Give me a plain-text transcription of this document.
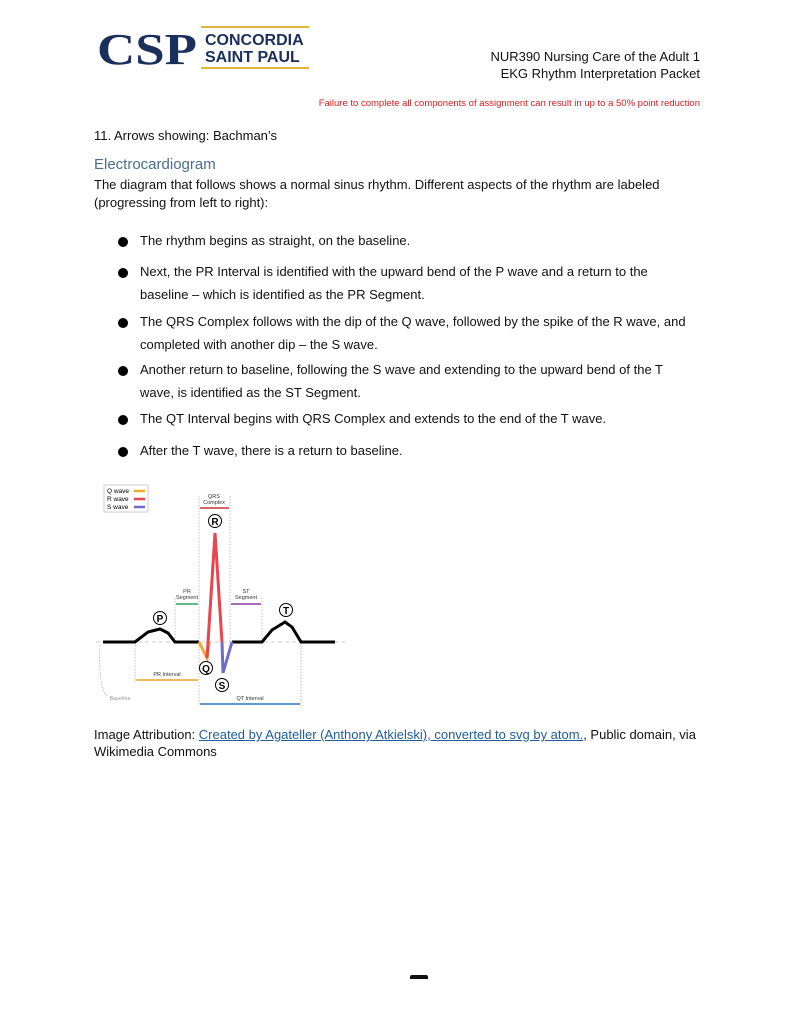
CSP CONCORDIA
SAINT PAUL	NUR390 Nursing Care of the Adult 1
EKG Rhythm Interpretation Packet
Failure to complete all components of assignment can result in up to a 50% point reduction
11. Arrows showing: Bachman’s
Electrocardiogram
The diagram that follows shows a normal sinus rhythm. Different aspects of the rhythm are labeled
(progressing from left to right):
The rhythm begins as straight, on the baseline.
Next, the PR Interval is identified with the upward bend of the P wave and a return to the
baseline – which is identified as the PR Segment.
The QRS Complex follows with the dip of the Q wave, followed by the spike of the R wave, and
completed with another dip – the S wave.
Another return to baseline, following the S wave and extending to the upward bend of the T
wave, is identified as the ST Segment.
The QT Interval begins with QRS Complex and extends to the end of the T wave.
After the T wave, there is a return to baseline.
Q wave
R wave
S wave
QRS
Complex
PR
Segment
ST
Segment
PR Interval
QT Interval
Baseline
R
P
T
Q
S
Image Attribution: Created by Agateller (Anthony Atkielski), converted to svg by atom., Public domain, via
Wikimedia Commons
